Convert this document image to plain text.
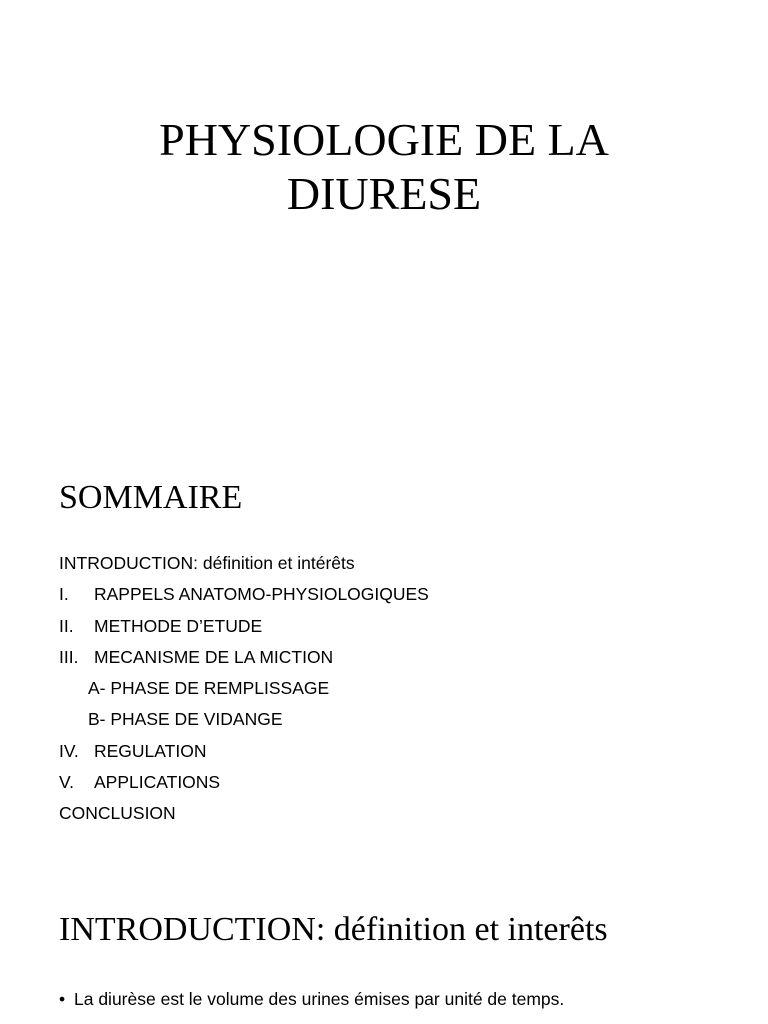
PHYSIOLOGIE DE LA
DIURESE
SOMMAIRE
INTRODUCTION: définition et intérêts
I.	RAPPELS ANATOMO-PHYSIOLOGIQUES
II.	METHODE D’ETUDE
III. MECANISME DE LA MICTION
A- PHASE DE REMPLISSAGE
B- PHASE DE VIDANGE
IV. REGULATION
V.	APPLICATIONS
CONCLUSION
INTRODUCTION: définition et interêts
• La diurèse est le volume des urines émises par unité de temps.
